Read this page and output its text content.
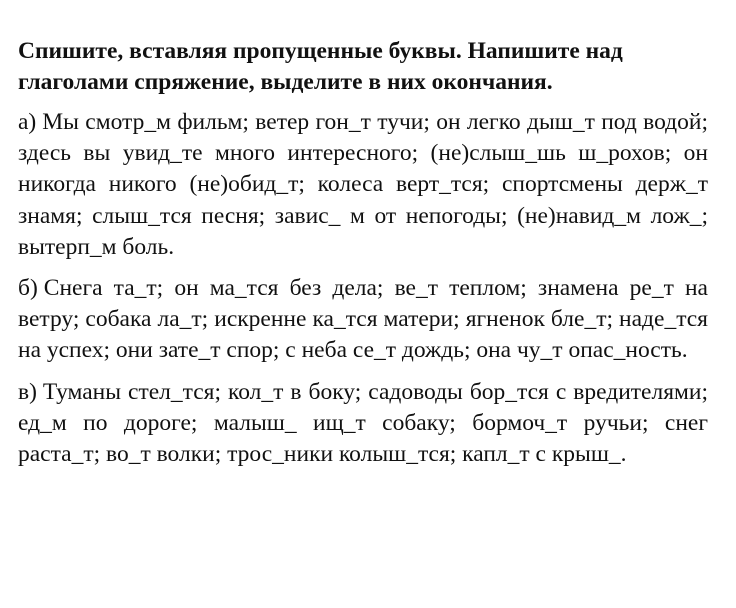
Спишите, вставляя пропущенные буквы. Напишите над глаголами спряжение, выделите в них окончания.
а) Мы смотр_м фильм; ветер гон_т тучи; он легко дыш_т под водой; здесь вы увид_те много интересного; (не)слыш_шь ш_рохов; он никогда никого (не)обид_т; колеса верт_тся; спортсмены держ_т знамя; слыш_тся песня; завис_ м от непогоды; (не)навид_м лож_; вытерп_м боль.
б) Снега та_т; он ма_тся без дела; ве_т теплом; знамена ре_т на ветру; собака ла_т; искренне ка_тся матери; ягненок бле_т; наде_тся на успех; они зате_т спор; с неба се_т дождь; она чу_т опас_ность.
в) Туманы стел_тся; кол_т в боку; садоводы бор_тся с вредителями; ед_м по дороге; малыш_ ищ_т собаку; бормоч_т ручьи; снег раста_т; во_т волки; трос_ники колыш_тся; капл_т с крыш_.
